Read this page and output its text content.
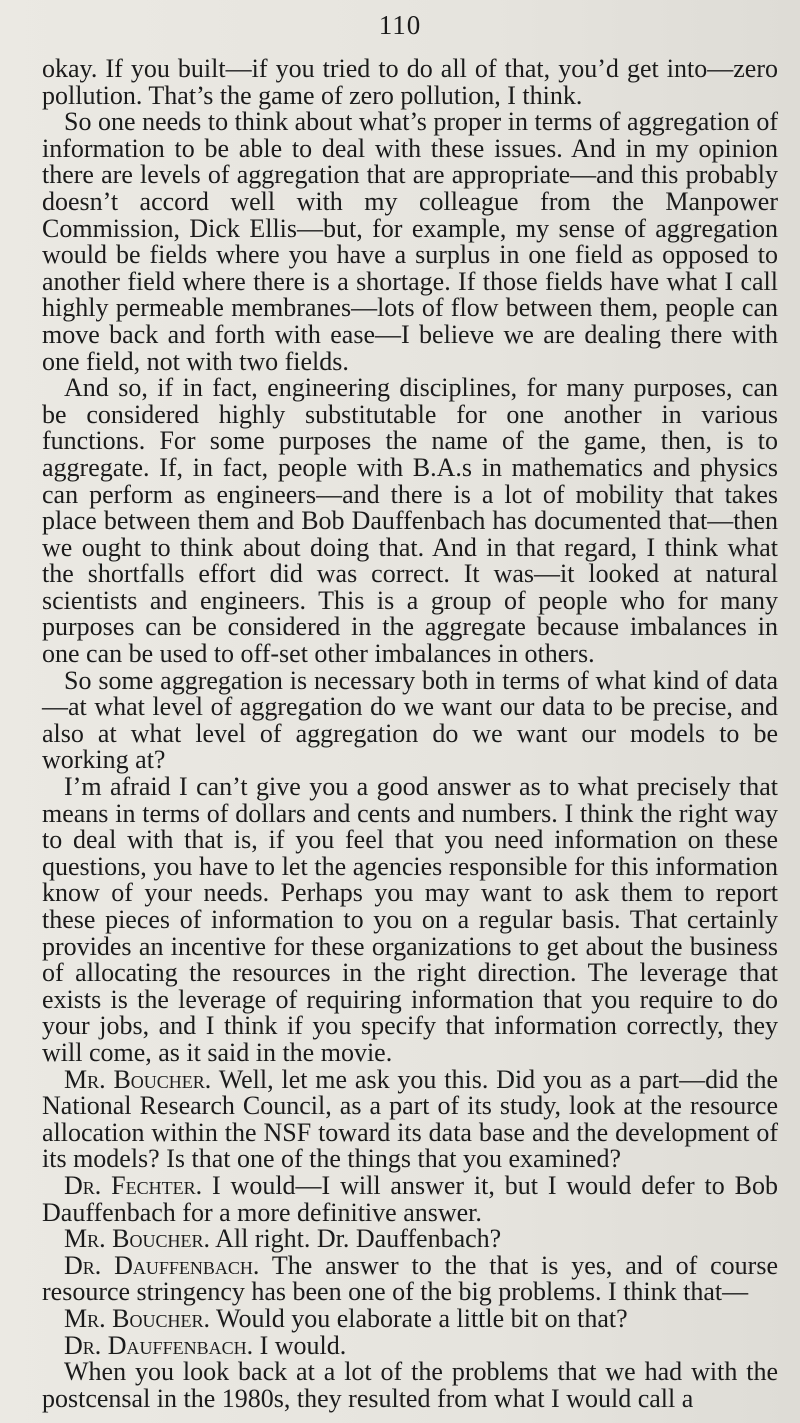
110

okay. If you built—if you tried to do all of that, you’d get into—zero pollution. That’s the game of zero pollution, I think.

So one needs to think about what’s proper in terms of aggregation of information to be able to deal with these issues. And in my opinion there are levels of aggregation that are appropriate—and this probably doesn’t accord well with my colleague from the Manpower Commission, Dick Ellis—but, for example, my sense of aggregation would be fields where you have a surplus in one field as opposed to another field where there is a shortage. If those fields have what I call highly permeable membranes—lots of flow between them, people can move back and forth with ease—I believe we are dealing there with one field, not with two fields.

And so, if in fact, engineering disciplines, for many purposes, can be considered highly substitutable for one another in various functions. For some purposes the name of the game, then, is to aggregate. If, in fact, people with B.A.s in mathematics and physics can perform as engineers—and there is a lot of mobility that takes place between them and Bob Dauffenbach has documented that—then we ought to think about doing that. And in that regard, I think what the shortfalls effort did was correct. It was—it looked at natural scientists and engineers. This is a group of people who for many purposes can be considered in the aggregate because imbalances in one can be used to off-set other imbalances in others.

So some aggregation is necessary both in terms of what kind of data—at what level of aggregation do we want our data to be precise, and also at what level of aggregation do we want our models to be working at?

I’m afraid I can’t give you a good answer as to what precisely that means in terms of dollars and cents and numbers. I think the right way to deal with that is, if you feel that you need information on these questions, you have to let the agencies responsible for this information know of your needs. Perhaps you may want to ask them to report these pieces of information to you on a regular basis. That certainly provides an incentive for these organizations to get about the business of allocating the resources in the right direction. The leverage that exists is the leverage of requiring information that you require to do your jobs, and I think if you specify that information correctly, they will come, as it said in the movie.

Mr. Boucher. Well, let me ask you this. Did you as a part—did the National Research Council, as a part of its study, look at the resource allocation within the NSF toward its data base and the development of its models? Is that one of the things that you examined?

Dr. Fechter. I would—I will answer it, but I would defer to Bob Dauffenbach for a more definitive answer.

Mr. Boucher. All right. Dr. Dauffenbach?

Dr. Dauffenbach. The answer to the that is yes, and of course resource stringency has been one of the big problems. I think that—

Mr. Boucher. Would you elaborate a little bit on that?

Dr. Dauffenbach. I would.

When you look back at a lot of the problems that we had with the postcensal in the 1980s, they resulted from what I would call a
